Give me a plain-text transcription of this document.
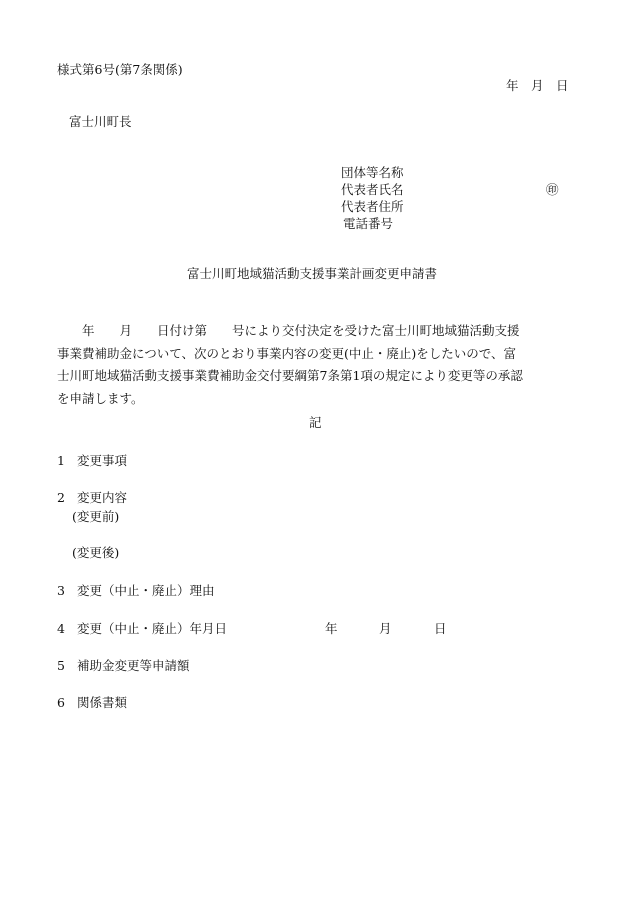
様式第6号(第7条関係)
年　月　日
富士川町長
団体等名称
代表者氏名	㊞
代表者住所
電話番号
富士川町地域猫活動支援事業計画変更申請書
　　年　　月　　日付け第　　号により交付決定を受けた富士川町地域猫活動支援
事業費補助金について、次のとおり事業内容の変更(中止・廃止)をしたいので、富
士川町地域猫活動支援事業費補助金交付要綱第7条第1項の規定により変更等の承認
を申請します。
記
1 変更事項
2 変更内容
(変更前)
(変更後)
3 変更（中止・廃止）理由
4 変更（中止・廃止）年月日	年	月	日
5 補助金変更等申請額
6 関係書類
